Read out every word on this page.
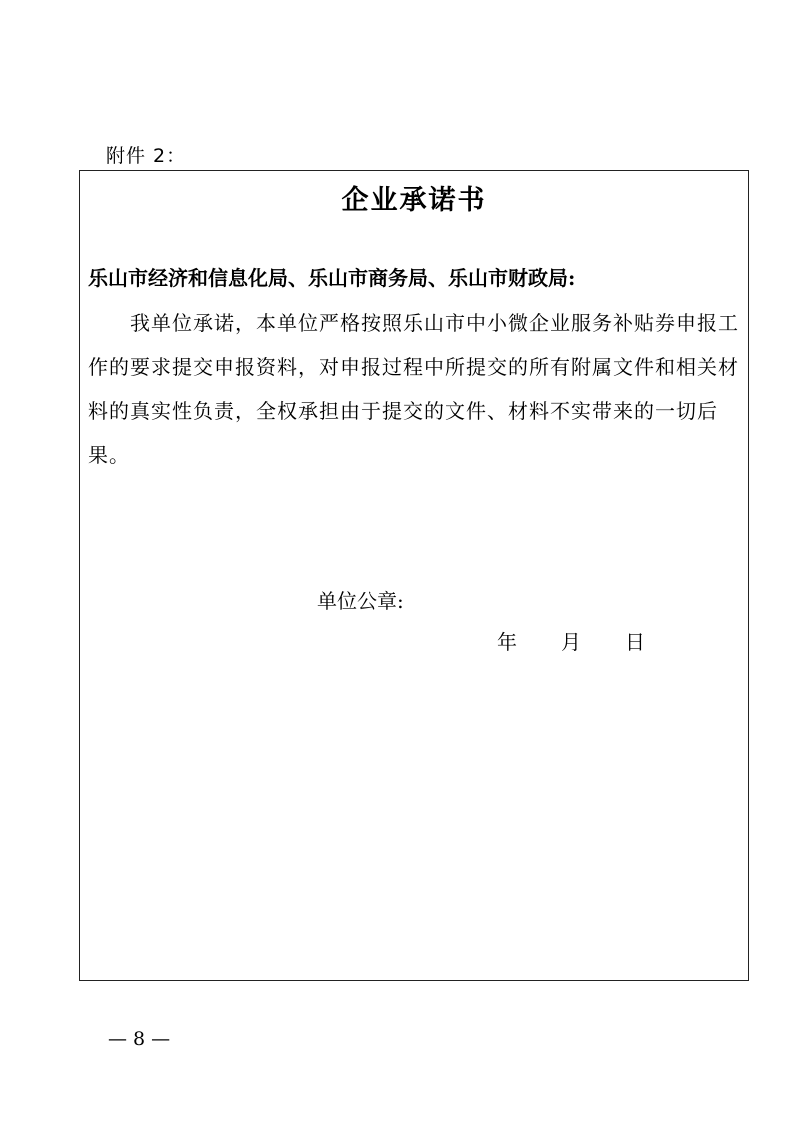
附件 2：
企业承诺书
乐山市经济和信息化局、乐山市商务局、乐山市财政局:
我单位承诺，本单位严格按照乐山市中小微企业服务补贴券申报工作的要求提交申报资料，对申报过程中所提交的所有附属文件和相关材料的真实性负责，全权承担由于提交的文件、材料不实带来的一切后果。
单位公章:
年 月 日
— 8 —
